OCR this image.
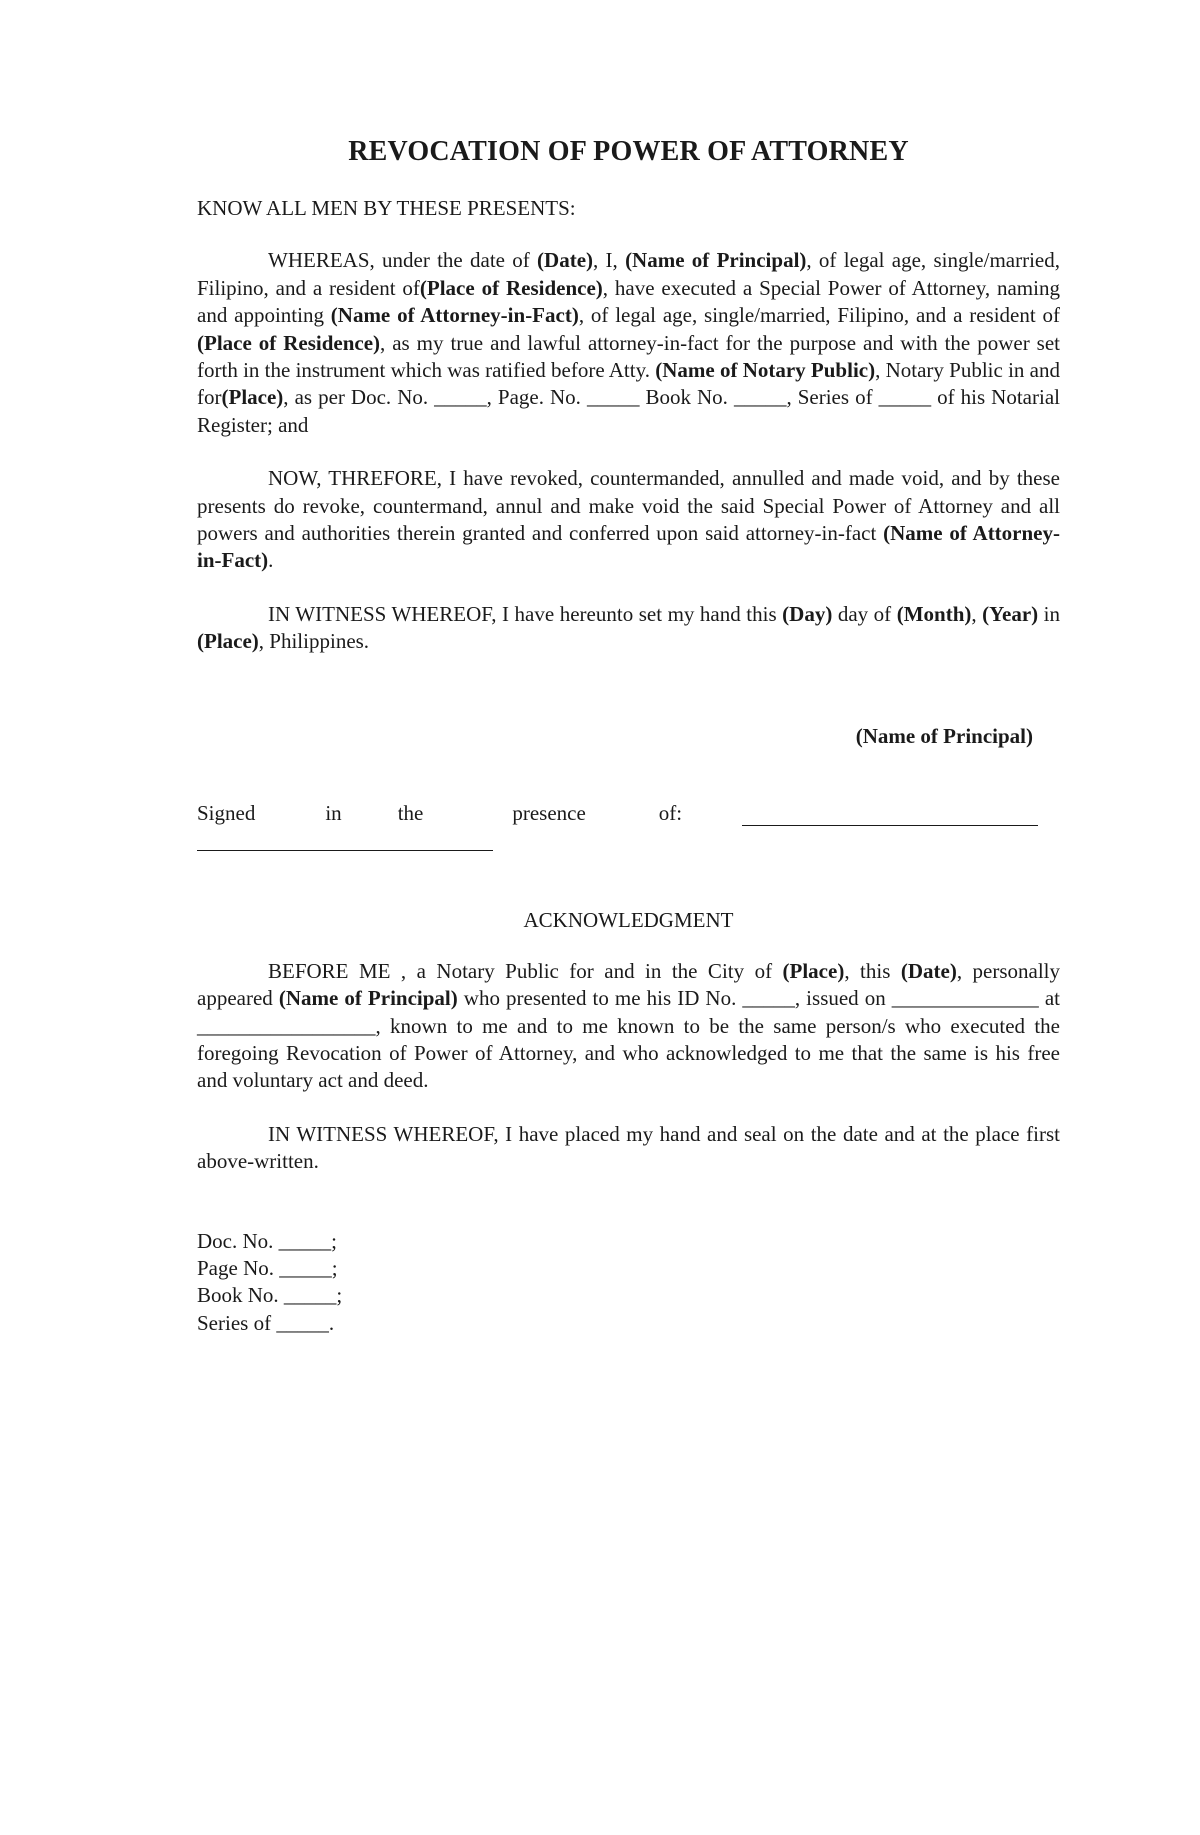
REVOCATION OF POWER OF ATTORNEY

KNOW ALL MEN BY THESE PRESENTS:

WHEREAS, under the date of (Date), I, (Name of Principal), of legal age, single/married, Filipino, and a resident of(Place of Residence), have executed a Special Power of Attorney, naming and appointing (Name of Attorney-in-Fact), of legal age, single/married, Filipino, and a resident of (Place of Residence), as my true and lawful attorney-in-fact for the purpose and with the power set forth in the instrument which was ratified before Atty. (Name of Notary Public), Notary Public in and for(Place), as per Doc. No. _____, Page. No. _____ Book No. _____, Series of _____ of his Notarial Register; and

NOW, THREFORE, I have revoked, countermanded, annulled and made void, and by these presents do revoke, countermand, annul and make void the said Special Power of Attorney and all powers and authorities therein granted and conferred upon said attorney-in-fact (Name of Attorney-in-Fact).

IN WITNESS WHEREOF, I have hereunto set my hand this (Day) day of (Month), (Year) in (Place), Philippines.

(Name of Principal)
Signed	in	the	presence	of:
ACKNOWLEDGMENT

BEFORE ME , a Notary Public for and in the City of (Place), this (Date), personally appeared (Name of Principal) who presented to me his ID No. _____, issued on ______________ at _________________, known to me and to me known to be the same person/s who executed the foregoing Revocation of Power of Attorney, and who acknowledged to me that the same is his free and voluntary act and deed.

IN WITNESS WHEREOF, I have placed my hand and seal on the date and at the place first above-written.

Doc. No. _____;
Page No. _____;
Book No. _____;
Series of _____.
